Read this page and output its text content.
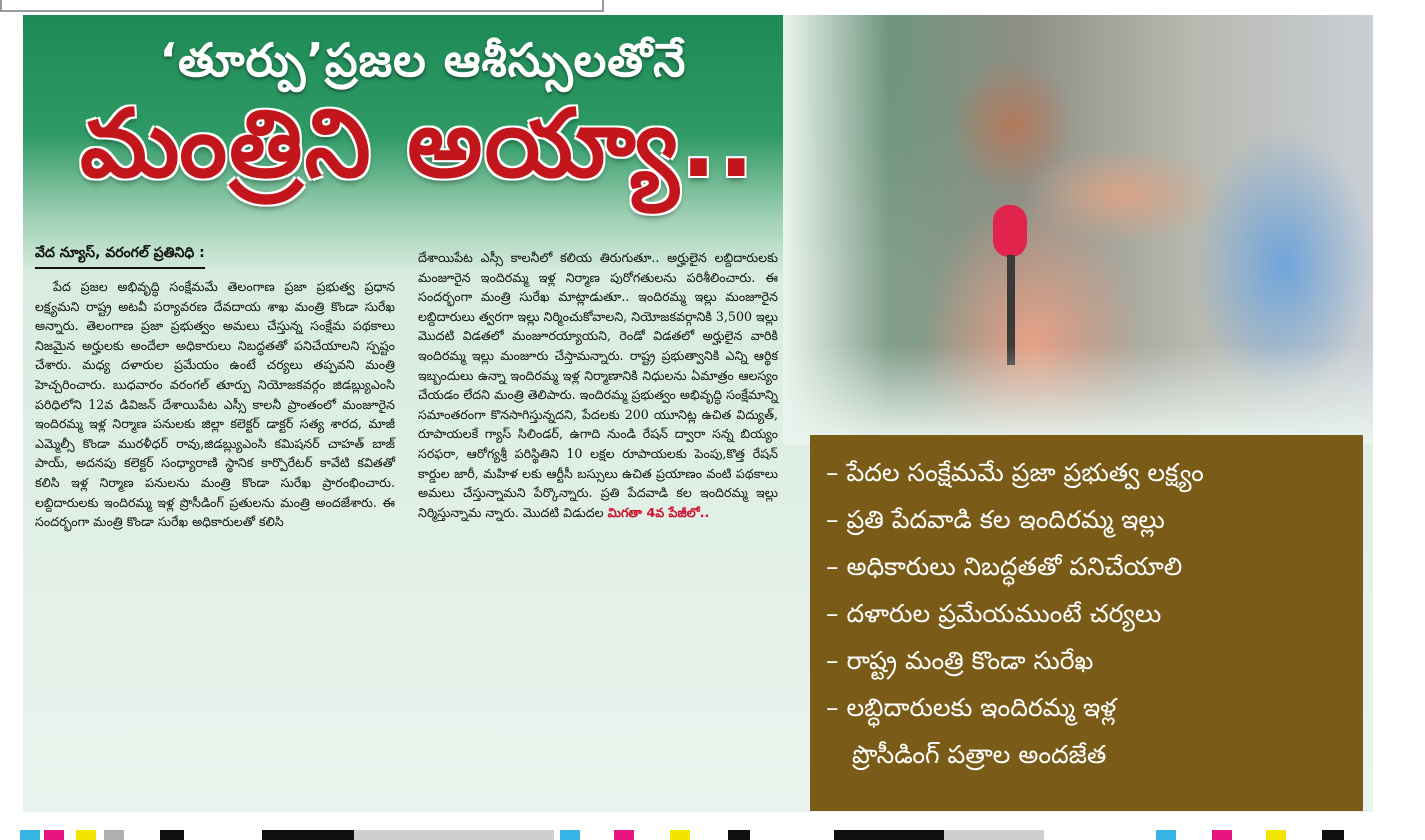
‘తూర్పు’ప్రజల ఆశీస్సులతోనే
మంత్రిని అయ్యా..
వేద న్యూస్, వరంగల్ ప్రతినిధి :
పేద ప్రజల అభివృద్ధి సంక్షేమమే తెలంగాణ ప్రజా ప్రభుత్వ ప్రధాన లక్ష్యమని రాష్ట్ర అటవీ పర్యావరణ దేవదాయ శాఖ మంత్రి కొండా సురేఖ అన్నారు. తెలంగాణ ప్రజా ప్రభుత్వం అమలు చేస్తున్న సంక్షేమ పథకాలు నిజమైన అర్హులకు అందేలా అధికారులు నిబద్ధతతో పనిచేయాలని స్పష్టం చేశారు. మధ్య దళారుల ప్రమేయం ఉంటే చర్యలు తప్పవని మంత్రి హెచ్చరించారు. బుధవారం వరంగల్ తూర్పు నియోజకవర్గం జిడబ్ల్యుఎంసి పరిధిలోని 12వ డివిజన్ దేశాయిపేట ఎస్సీ కాలనీ ప్రాంతంలో మంజూరైన ఇందిరమ్మ ఇళ్ల నిర్మాణ పనులకు జిల్లా కలెక్టర్ డాక్టర్ సత్య శారద, మాజీ ఎమ్మెల్సీ కొండా మురళీధర్ రావు,జిడబ్ల్యుఎంసి కమిషనర్ చాహత్ బాజ్ పాయ్, అదనపు కలెక్టర్ సంధ్యారాణి స్థానిక కార్పొరేటర్ కావేటి కవితతో కలిసి ఇళ్ల నిర్మాణ పనులను మంత్రి కొండా సురేఖ ప్రారంభించారు. లబ్దిదారులకు ఇందిరమ్మ ఇళ్ల ప్రొసీడింగ్ ప్రతులను మంత్రి అందజేశారు. ఈ సందర్భంగా మంత్రి కొండా సురేఖ అధికారులతో కలిసి
దేశాయిపేట ఎస్సీ కాలనీలో కలియ తిరుగుతూ.. అర్హులైన లబ్దిదారులకు మంజూరైన ఇందిరమ్మ ఇళ్ల నిర్మాణ పురోగతులను పరిశీలించారు. ఈ సందర్భంగా మంత్రి సురేఖ మాట్లాడుతూ.. ఇందిరమ్మ ఇల్లు మంజూరైన లబ్దిదారులు త్వరగా ఇల్లు నిర్మించుకోవాలని, నియోజకవర్గానికి 3,500 ఇల్లు మొదటి విడతలో మంజూరయ్యాయని, రెండో విడతలో అర్హులైన వారికి ఇందిరమ్మ ఇల్లు మంజూరు చేస్తామన్నారు. రాష్ట్ర ప్రభుత్వానికి ఎన్ని ఆర్థిక ఇబ్బందులు ఉన్నా ఇందిరమ్మ ఇళ్ల నిర్మాణానికి నిధులను ఏమాత్రం ఆలస్యం చేయడం లేదని మంత్రి తెలిపారు. ఇందిరమ్మ ప్రభుత్వం అభివృద్ధి సంక్షేమాన్ని సమాంతరంగా కొనసాగిస్తున్నదని, పేదలకు 200 యూనిట్ల ఉచిత విద్యుత్, రూపాయలకే గ్యాస్ సిలిండర్, ఉగాది నుండి రేషన్ ద్వారా సన్న బియ్యం సరఫరా, ఆరోగ్యశ్రీ పరిస్థితిని 10 లక్షల రూపాయలకు పెంపు,కొత్త రేషన్ కార్డుల జారీ, మహిళ లకు ఆర్టీసీ బస్సులు ఉచిత ప్రయాణం వంటి పథకాలు అమలు చేస్తున్నామని పేర్కొన్నారు. ప్రతి పేదవాడి కల ఇందిరమ్మ ఇల్లు నిర్మిస్తున్నామ న్నారు. మొదటి విడుదల మిగతా 4వ పేజీలో..
– పేదల సంక్షేమమే ప్రజా ప్రభుత్వ లక్ష్యం
– ప్రతి పేదవాడి కల ఇందిరమ్మ ఇల్లు
– అధికారులు నిబద్ధతతో పనిచేయాలి
– దళారుల ప్రమేయముంటే చర్యలు
– రాష్ట్ర మంత్రి కొండా సురేఖ
– లబ్ధిదారులకు ఇందిరమ్మ ఇళ్ల
ప్రొసీడింగ్ పత్రాల అందజేత
